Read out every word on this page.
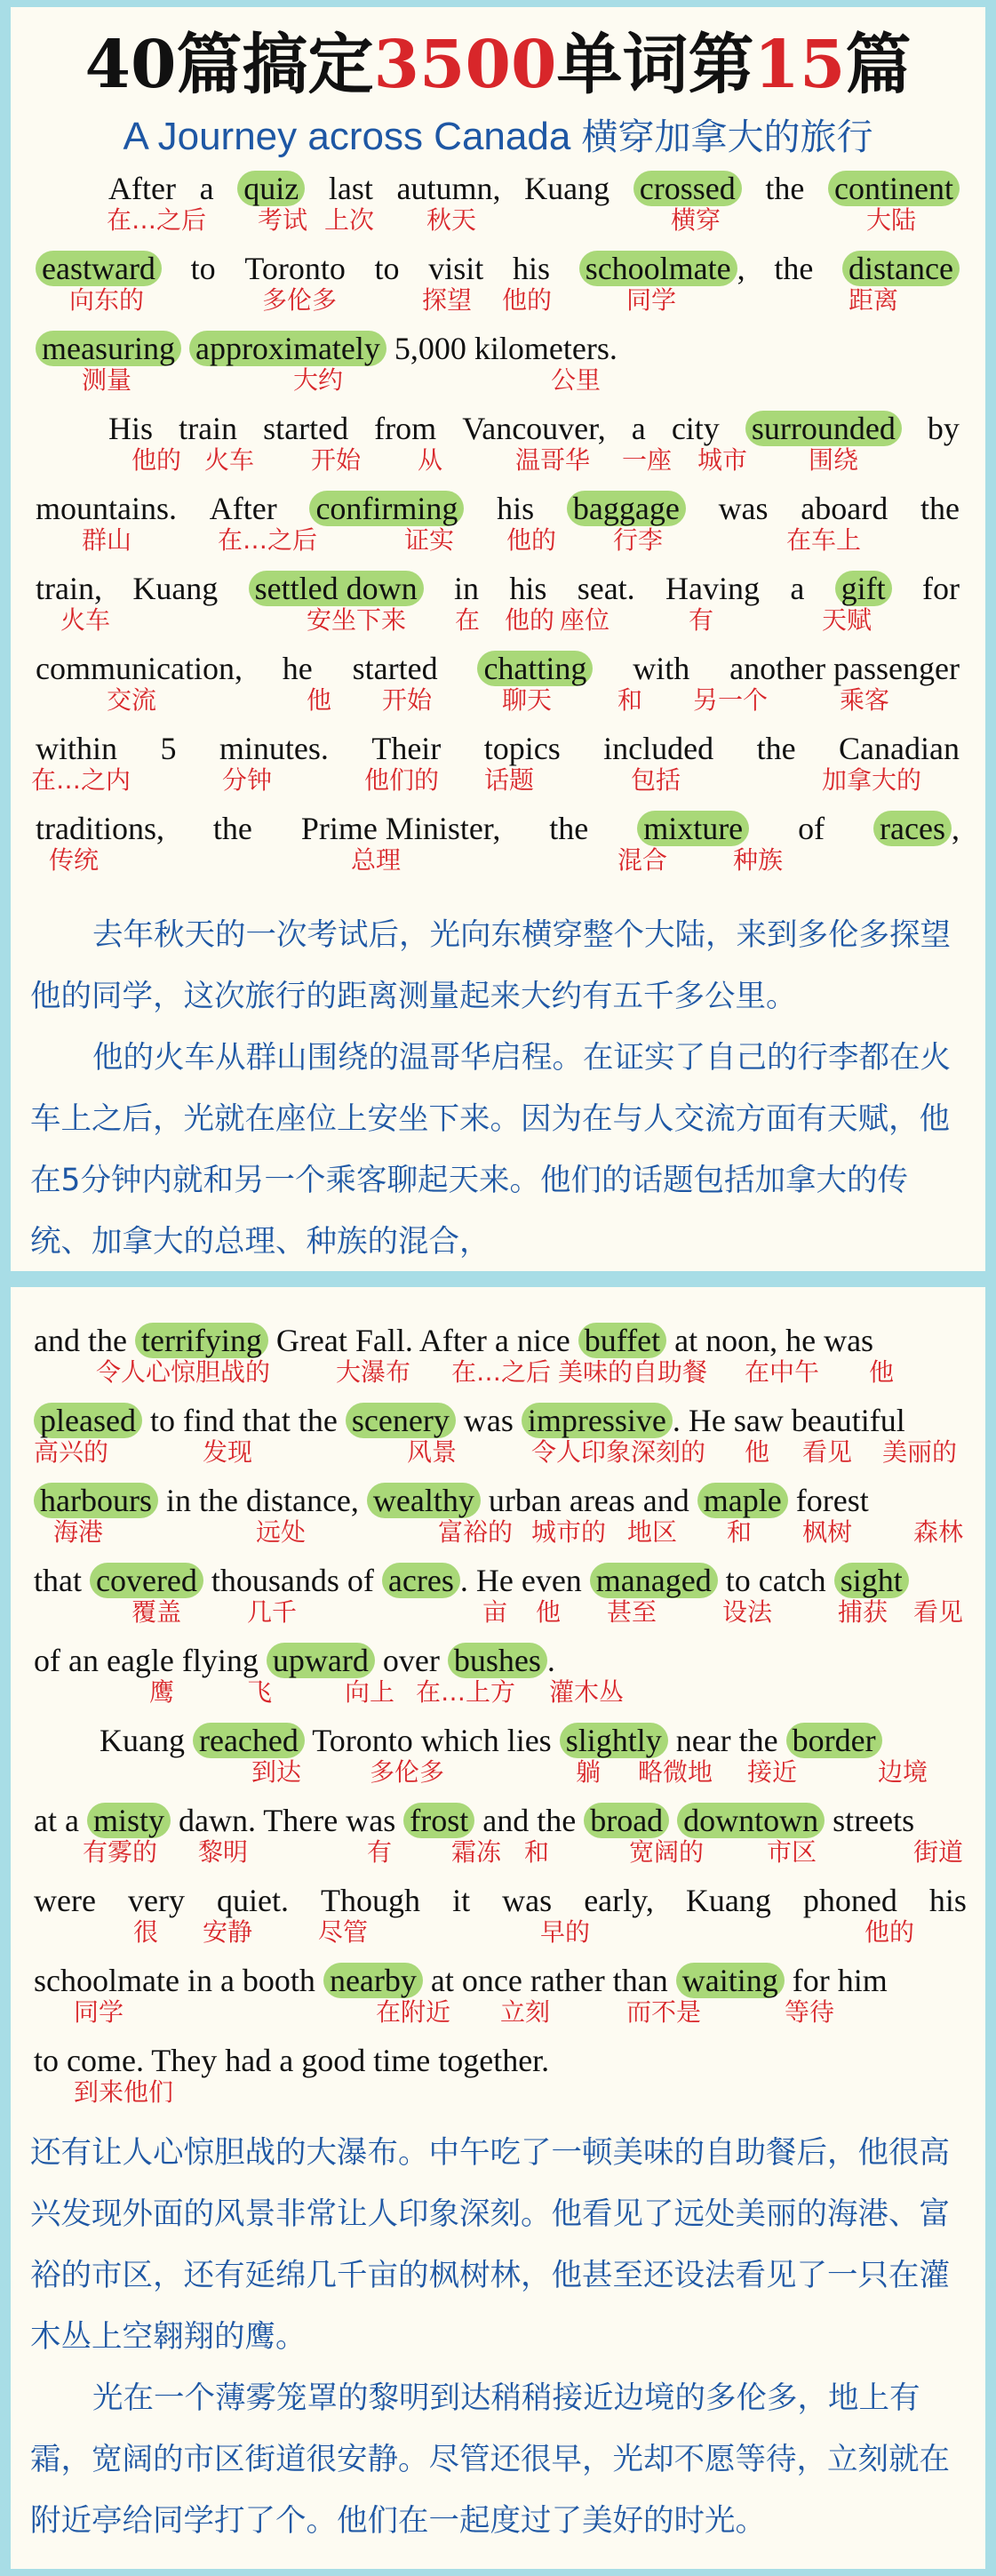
40篇搞定3500单词第15篇
A Journey across Canada 横穿加拿大的旅行
After a quiz last autumn, Kuang crossed the continent
在…之后 考试 上次 秋天	横穿	大陆
eastward to Toronto to visit his schoolmate , the distance
向东的	多伦多	探望 他的	同学	距离
measuring approximately 5,000 kilometers.
测量	大约	公里
His train started from Vancouver, a city surrounded by
他的 火车 开始 从	温哥华 一座 城市 围绕
mountains. After confirming his baggage was aboard the
群山	在…之后	证实 他的 行李	在车上
train, Kuang settled down in his seat. Having a gift for
火车	安坐下来 在 他的 座位	有	天赋
communication, he started chatting with another passenger
交流	他 开始	聊天	和 另一个	乘客
within 5 minutes. Their topics included the Canadian
在…之内	分钟	他们的 话题	包括	加拿大的
traditions, the Prime Minister, the mixture of races ,
传统	总理	混合	种族

去年秋天的一次考试后，光向东横穿整个大陆，来到多伦多探望他的同学，这次旅行的距离测量起来大约有五千多公里。

他的火车从群山围绕的温哥华启程。在证实了自己的行李都在火车上之后，光就在座位上安坐下来。因为在与人交流方面有天赋，他在5分钟内就和另一个乘客聊起天来。他们的话题包括加拿大的传统、加拿大的总理、种族的混合，

and the terrifying Great Fall. After a nice buffet at noon, he was
令人心惊胆战的	大瀑布 在…之后 美味的自助餐 在中午 他
pleased to find that the scenery was impressive . He saw beautiful
高兴的	发现	风景	令人印象深刻的 他 看见 美丽的
harbours in the distance, wealthy urban areas and maple forest
海港	远处	富裕的 城市的 地区 和 枫树 森林
that covered thousands of acres . He even managed to catch sight
覆盖	几千	亩 他 甚至	设法	捕获 看见
of an eagle flying upward over bushes .
鹰	飞	向上 在…上方 灌木丛
Kuang reached Toronto which lies slightly near the border
到达	多伦多	躺 略微地 接近	边境
at a misty dawn. There was frost and the broad downtown streets
有雾的 黎明	有 霜冻 和	宽阔的	市区	街道
were very quiet. Though it was early, Kuang phoned his
很 安静	尽管	早的	他的
schoolmate in a booth nearby at once rather than waiting for him
同学	在附近 立刻	而不是	等待
to come. They had a good time together.
到来他们

还有让人心惊胆战的大瀑布。中午吃了一顿美味的自助餐后，他很高兴发现外面的风景非常让人印象深刻。他看见了远处美丽的海港、富裕的市区，还有延绵几千亩的枫树林，他甚至还设法看见了一只在灌木丛上空翱翔的鹰。

光在一个薄雾笼罩的黎明到达稍稍接近边境的多伦多，地上有霜，宽阔的市区街道很安静。尽管还很早，光却不愿等待，立刻就在附近亭给同学打了个。他们在一起度过了美好的时光。
